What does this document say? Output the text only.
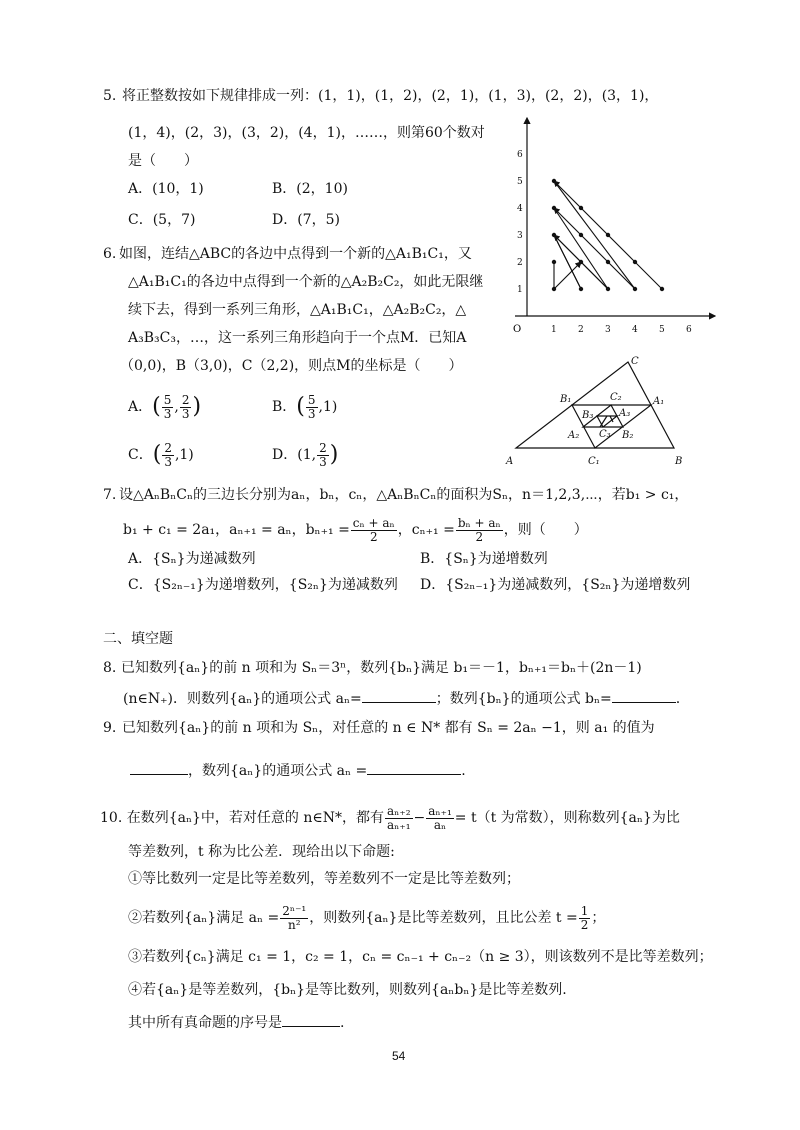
5. 将正整数按如下规律排成一列：(1，1)，(1，2)，(2，1)，(1，3)，(2，2)，(3，1)，
(1，4)，(2，3)，(3，2)，(4，1)，……，则第60个数对
是（　　）
A．(10，1)	B．(2，10)
C．(5，7)	D．(7，5)
O	1 2 3 4 5 6
1
2
3
4
5
6
6. 如图，连结△ABC的各边中点得到一个新的△A₁B₁C₁，又
△A₁B₁C₁的各边中点得到一个新的△A₂B₂C₂，如此无限继
续下去，得到一系列三角形，△A₁B₁C₁，△A₂B₂C₂，△
A₃B₃C₃，…，这一系列三角形趋向于一个点M．已知A
（0,0)，B（3,0)，C（2,2)，则点M的坐标是（　　）
A．( $\frac{5}{3}$ , $\frac{2}{3}$ )	B．( $\frac{5}{3} ,1$)
C．( $\frac{2}{3} ,1$)	D．(1, $\frac{2}{3}$ )	A	B
C
A₁
B₁
C₁
A₂	B₂
C₂
A₃
B₃
C₃
7. 设△AₙBₙCₙ的三边长分别为aₙ，bₙ，cₙ，△AₙBₙCₙ的面积为Sₙ，n＝1,2,3,⋯，若b₁ > c₁，
b₁ + c₁ = 2a₁，aₙ₊₁ = aₙ，$b_{n+1} = \frac{\text{cₙ + aₙ}}{2}$ ，$c_{n+1} = \frac{\text{bₙ + aₙ}}{2}$ ，则（　　）
A．{Sₙ}为递减数列	B．{Sₙ}为递增数列
C．{S₂ₙ₋₁}为递增数列，{S₂ₙ}为递减数列 D．{S₂ₙ₋₁}为递减数列，{S₂ₙ}为递增数列
二、填空题
8. 已知数列{aₙ}的前 n 项和为 Sₙ＝3ⁿ，数列{bₙ}满足 b₁＝－1，bₙ₊₁＝bₙ＋(2n－1)
(n∈N₊)．则数列{aₙ}的通项公式 aₙ=	；数列{bₙ}的通项公式 bₙ=	.
9. 已知数列{aₙ}的前 n 项和为 Sₙ，对任意的 n ∈ N* 都有 Sₙ = 2aₙ −1，则 a₁ 的值为
，数列{aₙ}的通项公式 aₙ =	.
10. 在数列{aₙ}中，若对任意的 n∈N*，都有 $\frac{\text{aₙ₊₂}}{\text{aₙ₊₁}} - \frac{\text{aₙ₊₁}}{\text{aₙ}} = t(t$ 为常数），则称数列{aₙ}为比
等差数列，t 称为比公差．现给出以下命题:
①等比数列一定是比等差数列，等差数列不一定是比等差数列；
②若数列{aₙ}满足 $a_n = \frac{\text{2ⁿ⁻¹}}{\text{n²}}$ ，则数列{aₙ}是比等差数列，且比公差 $t = \frac{1}{2}$ ；
③若数列{cₙ}满足 c₁ = 1，c₂ = 1，cₙ = cₙ₋₁ + cₙ₋₂（n ≥ 3），则该数列不是比等差数列；
④若{aₙ}是等差数列，{bₙ}是等比数列，则数列{aₙbₙ}是比等差数列.
其中所有真命题的序号是	.
54
